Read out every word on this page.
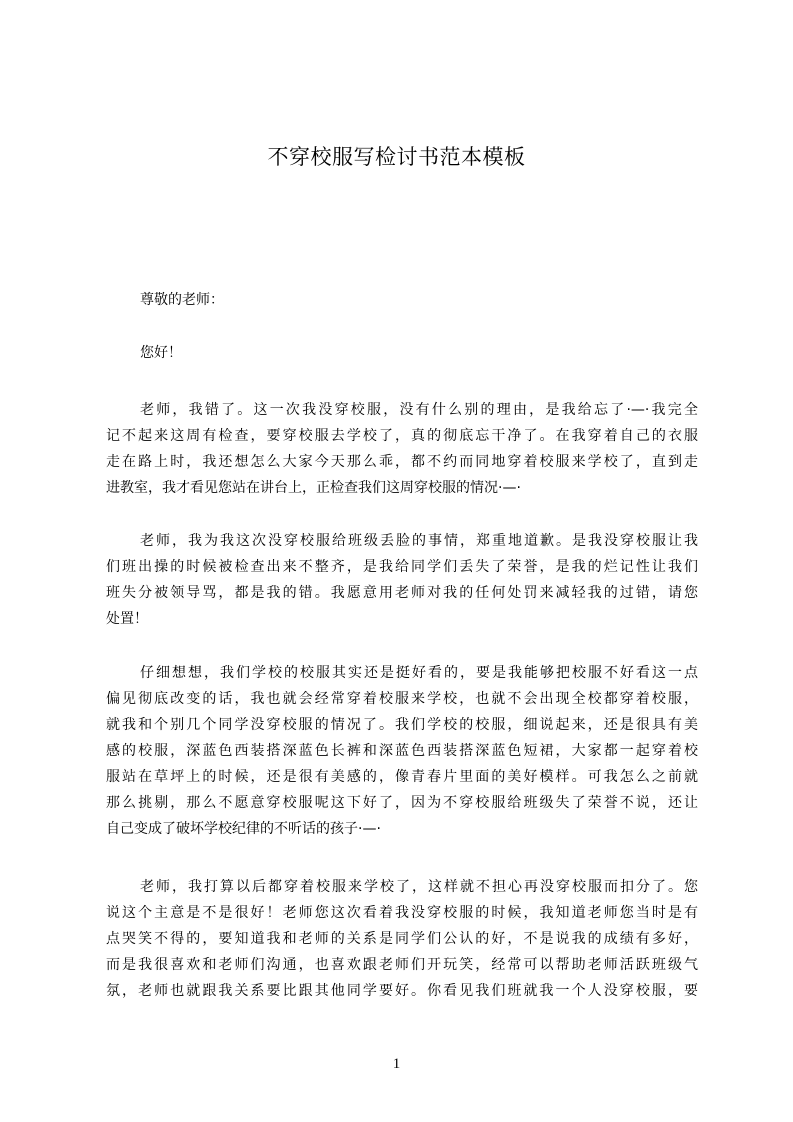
不穿校服写检讨书范本模板
尊敬的老师：
您好！
老师，我错了。这一次我没穿校服，没有什么别的理由，是我给忘了·—·我完全
记不起来这周有检查，要穿校服去学校了，真的彻底忘干净了。在我穿着自己的衣服
走在路上时，我还想怎么大家今天那么乖，都不约而同地穿着校服来学校了，直到走
进教室，我才看见您站在讲台上，正检查我们这周穿校服的情况·—·
老师，我为我这次没穿校服给班级丢脸的事情，郑重地道歉。是我没穿校服让我
们班出操的时候被检查出来不整齐，是我给同学们丢失了荣誉，是我的烂记性让我们
班失分被领导骂，都是我的错。我愿意用老师对我的任何处罚来减轻我的过错，请您
处置！
仔细想想，我们学校的校服其实还是挺好看的，要是我能够把校服不好看这一点
偏见彻底改变的话，我也就会经常穿着校服来学校，也就不会出现全校都穿着校服，
就我和个别几个同学没穿校服的情况了。我们学校的校服，细说起来，还是很具有美
感的校服，深蓝色西装搭深蓝色长裤和深蓝色西装搭深蓝色短裙，大家都一起穿着校
服站在草坪上的时候，还是很有美感的，像青春片里面的美好模样。可我怎么之前就
那么挑剔，那么不愿意穿校服呢这下好了，因为不穿校服给班级失了荣誉不说，还让
自己变成了破坏学校纪律的不听话的孩子·—·
老师，我打算以后都穿着校服来学校了，这样就不担心再没穿校服而扣分了。您
说这个主意是不是很好！老师您这次看着我没穿校服的时候，我知道老师您当时是有
点哭笑不得的，要知道我和老师的关系是同学们公认的好，不是说我的成绩有多好，
而是我很喜欢和老师们沟通，也喜欢跟老师们开玩笑，经常可以帮助老师活跃班级气
氛，老师也就跟我关系要比跟其他同学要好。你看见我们班就我一个人没穿校服，要
1
